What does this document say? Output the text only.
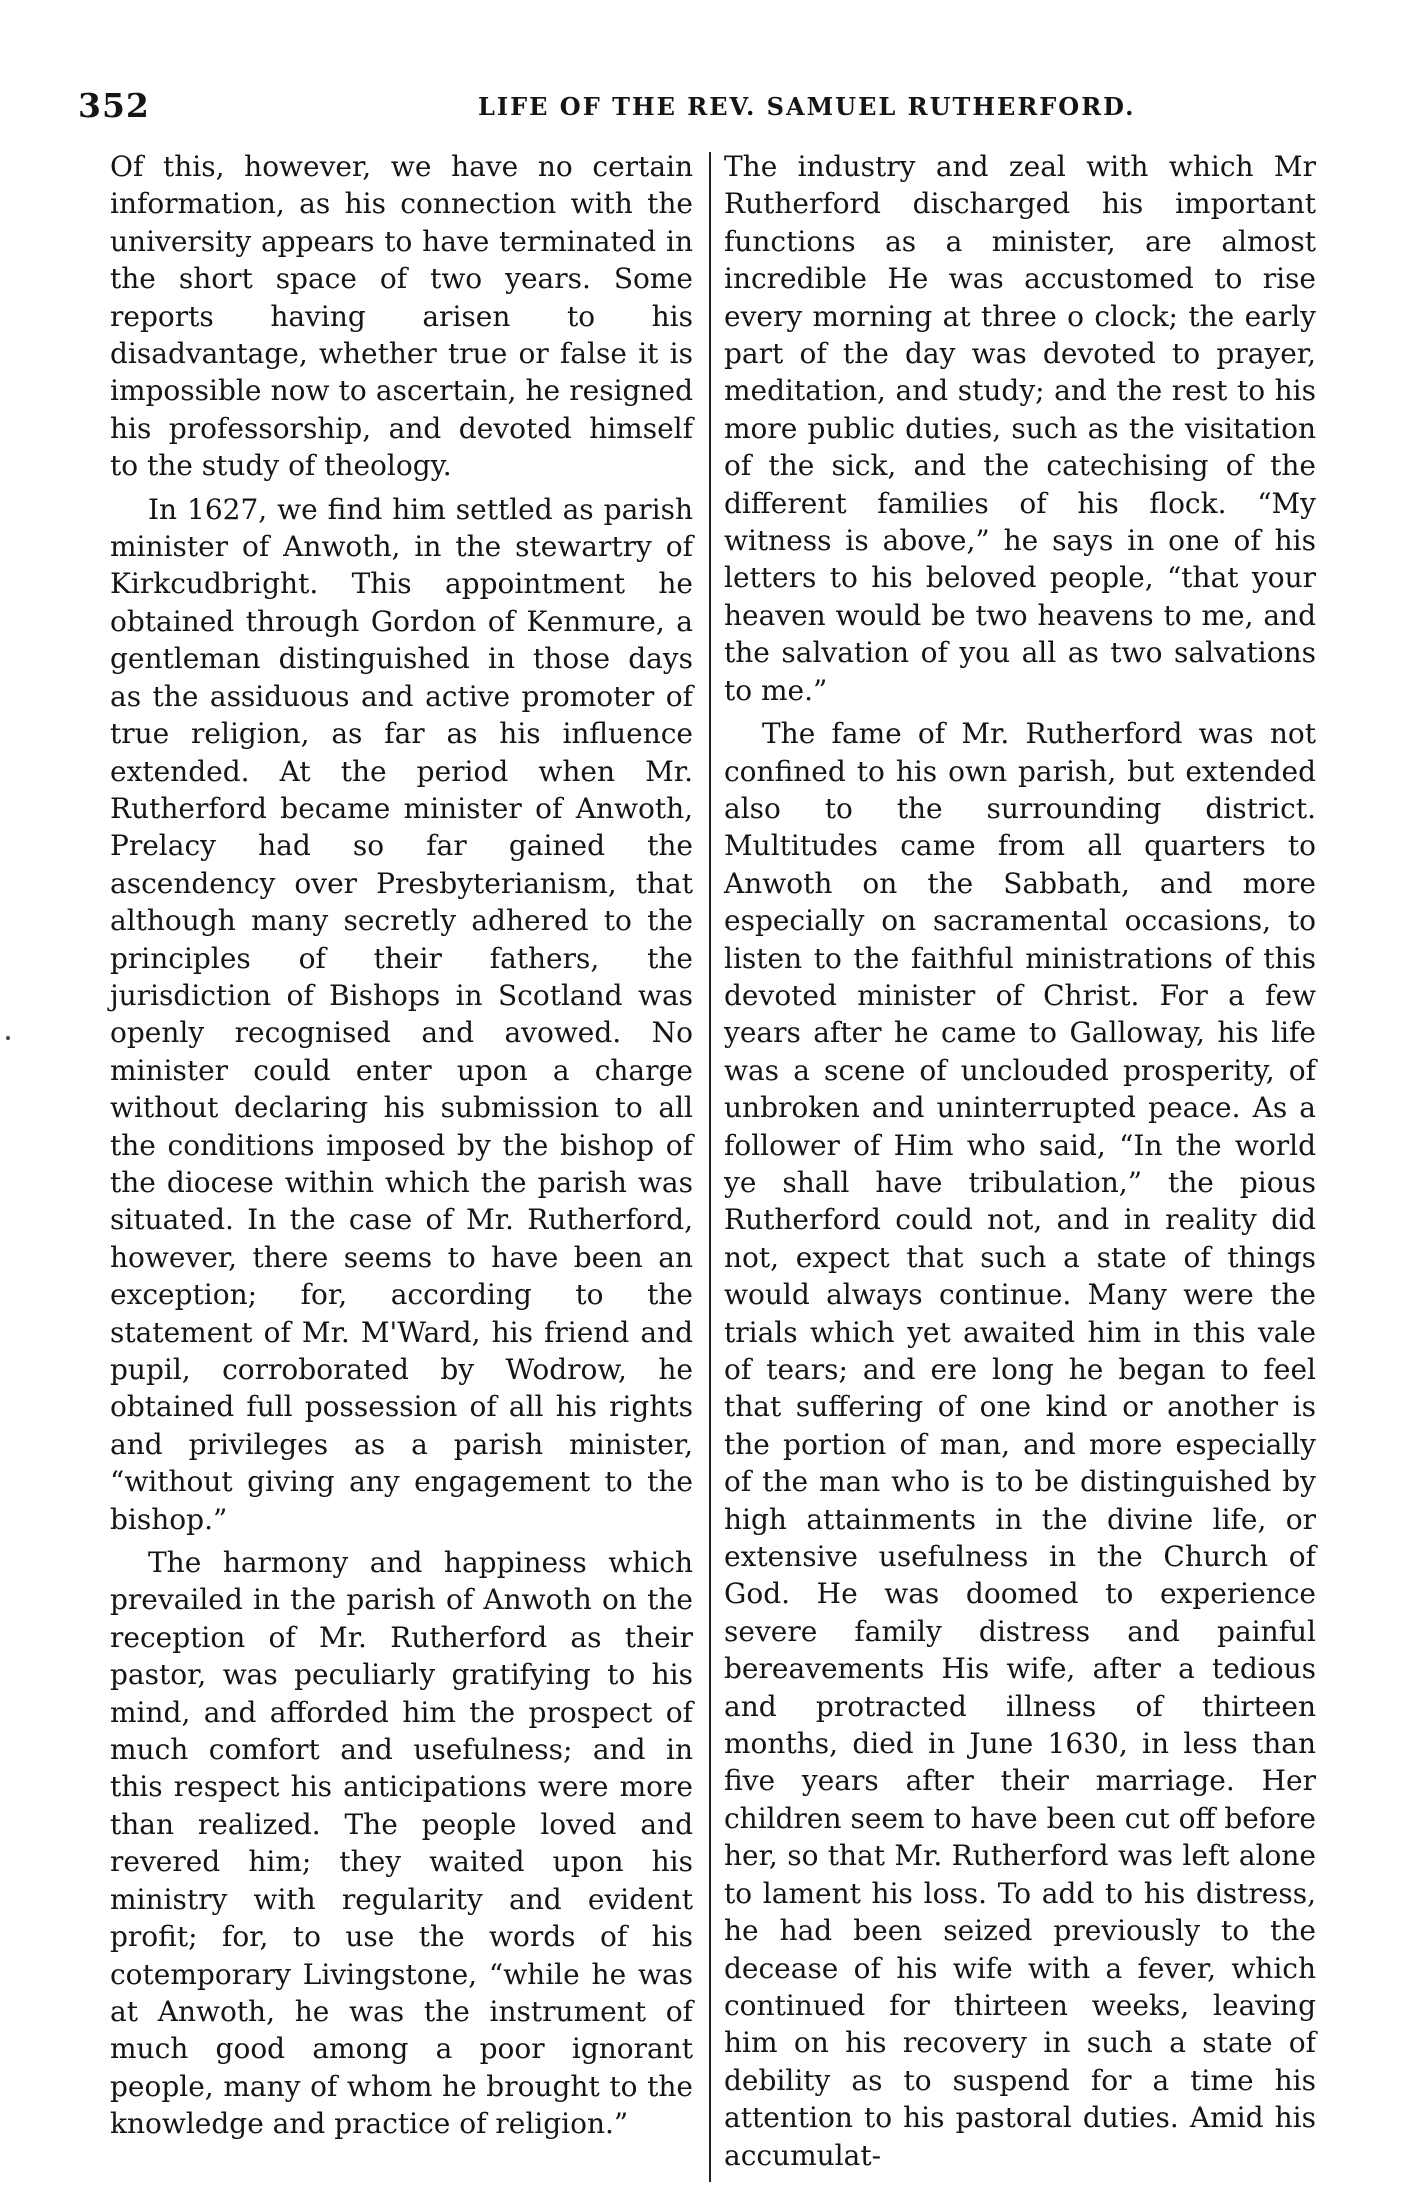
352	LIFE OF THE REV. SAMUEL RUTHERFORD.

Of this, however, we have no certain information, as his connection with the university appears to have terminated in the short space of two years. Some reports having arisen to his disadvantage, whether true or false it is impossible now to ascertain, he resigned his professorship, and devoted himself to the study of theology.

In 1627, we find him settled as parish minister of Anwoth, in the stewartry of Kirkcudbright. This appointment he obtained through Gordon of Kenmure, a gentleman distinguished in those days as the assiduous and active promoter of true religion, as far as his influence extended. At the period when Mr. Rutherford became minister of Anwoth, Prelacy had so far gained the ascendency over Presbyterianism, that although many secretly adhered to the principles of their fathers, the jurisdiction of Bishops in Scotland was openly recognised and avowed. No minister could enter upon a charge without declaring his submission to all the conditions imposed by the bishop of the diocese within which the parish was situated. In the case of Mr. Rutherford, however, there seems to have been an exception; for, according to the statement of Mr. M'Ward, his friend and pupil, corroborated by Wodrow, he obtained full possession of all his rights and privileges as a parish minister, “without giving any engagement to the bishop.”

The harmony and happiness which prevailed in the parish of Anwoth on the reception of Mr. Rutherford as their pastor, was peculiarly gratifying to his mind, and afforded him the prospect of much comfort and usefulness; and in this respect his anticipations were more than realized. The people loved and revered him; they waited upon his ministry with regularity and evident profit; for, to use the words of his cotemporary Livingstone, “while he was at Anwoth, he was the instrument of much good among a poor ignorant people, many of whom he brought to the knowledge and practice of religion.”

The industry and zeal with which Mr Rutherford discharged his important functions as a minister, are almost incredible He was accustomed to rise every morning at three o clock; the early part of the day was devoted to prayer, meditation, and study; and the rest to his more public duties, such as the visitation of the sick, and the catechising of the different families of his flock. “My witness is above,” he says in one of his letters to his beloved people, “that your heaven would be two heavens to me, and the salvation of you all as two salvations to me.”

The fame of Mr. Rutherford was not confined to his own parish, but extended also to the surrounding district. Multitudes came from all quarters to Anwoth on the Sabbath, and more especially on sacramental occasions, to listen to the faithful ministrations of this devoted minister of Christ. For a few years after he came to Galloway, his life was a scene of unclouded prosperity, of unbroken and uninterrupted peace. As a follower of Him who said, “In the world ye shall have tribulation,” the pious Rutherford could not, and in reality did not, expect that such a state of things would always continue. Many were the trials which yet awaited him in this vale of tears; and ere long he began to feel that suffering of one kind or another is the portion of man, and more especially of the man who is to be distinguished by high attainments in the divine life, or extensive usefulness in the Church of God. He was doomed to experience severe family distress and painful bereavements His wife, after a tedious and protracted illness of thirteen months, died in June 1630, in less than five years after their marriage. Her children seem to have been cut off before her, so that Mr. Rutherford was left alone to lament his loss. To add to his distress, he had been seized previously to the decease of his wife with a fever, which continued for thirteen weeks, leaving him on his recovery in such a state of debility as to suspend for a time his attention to his pastoral duties. Amid his accumulat-
